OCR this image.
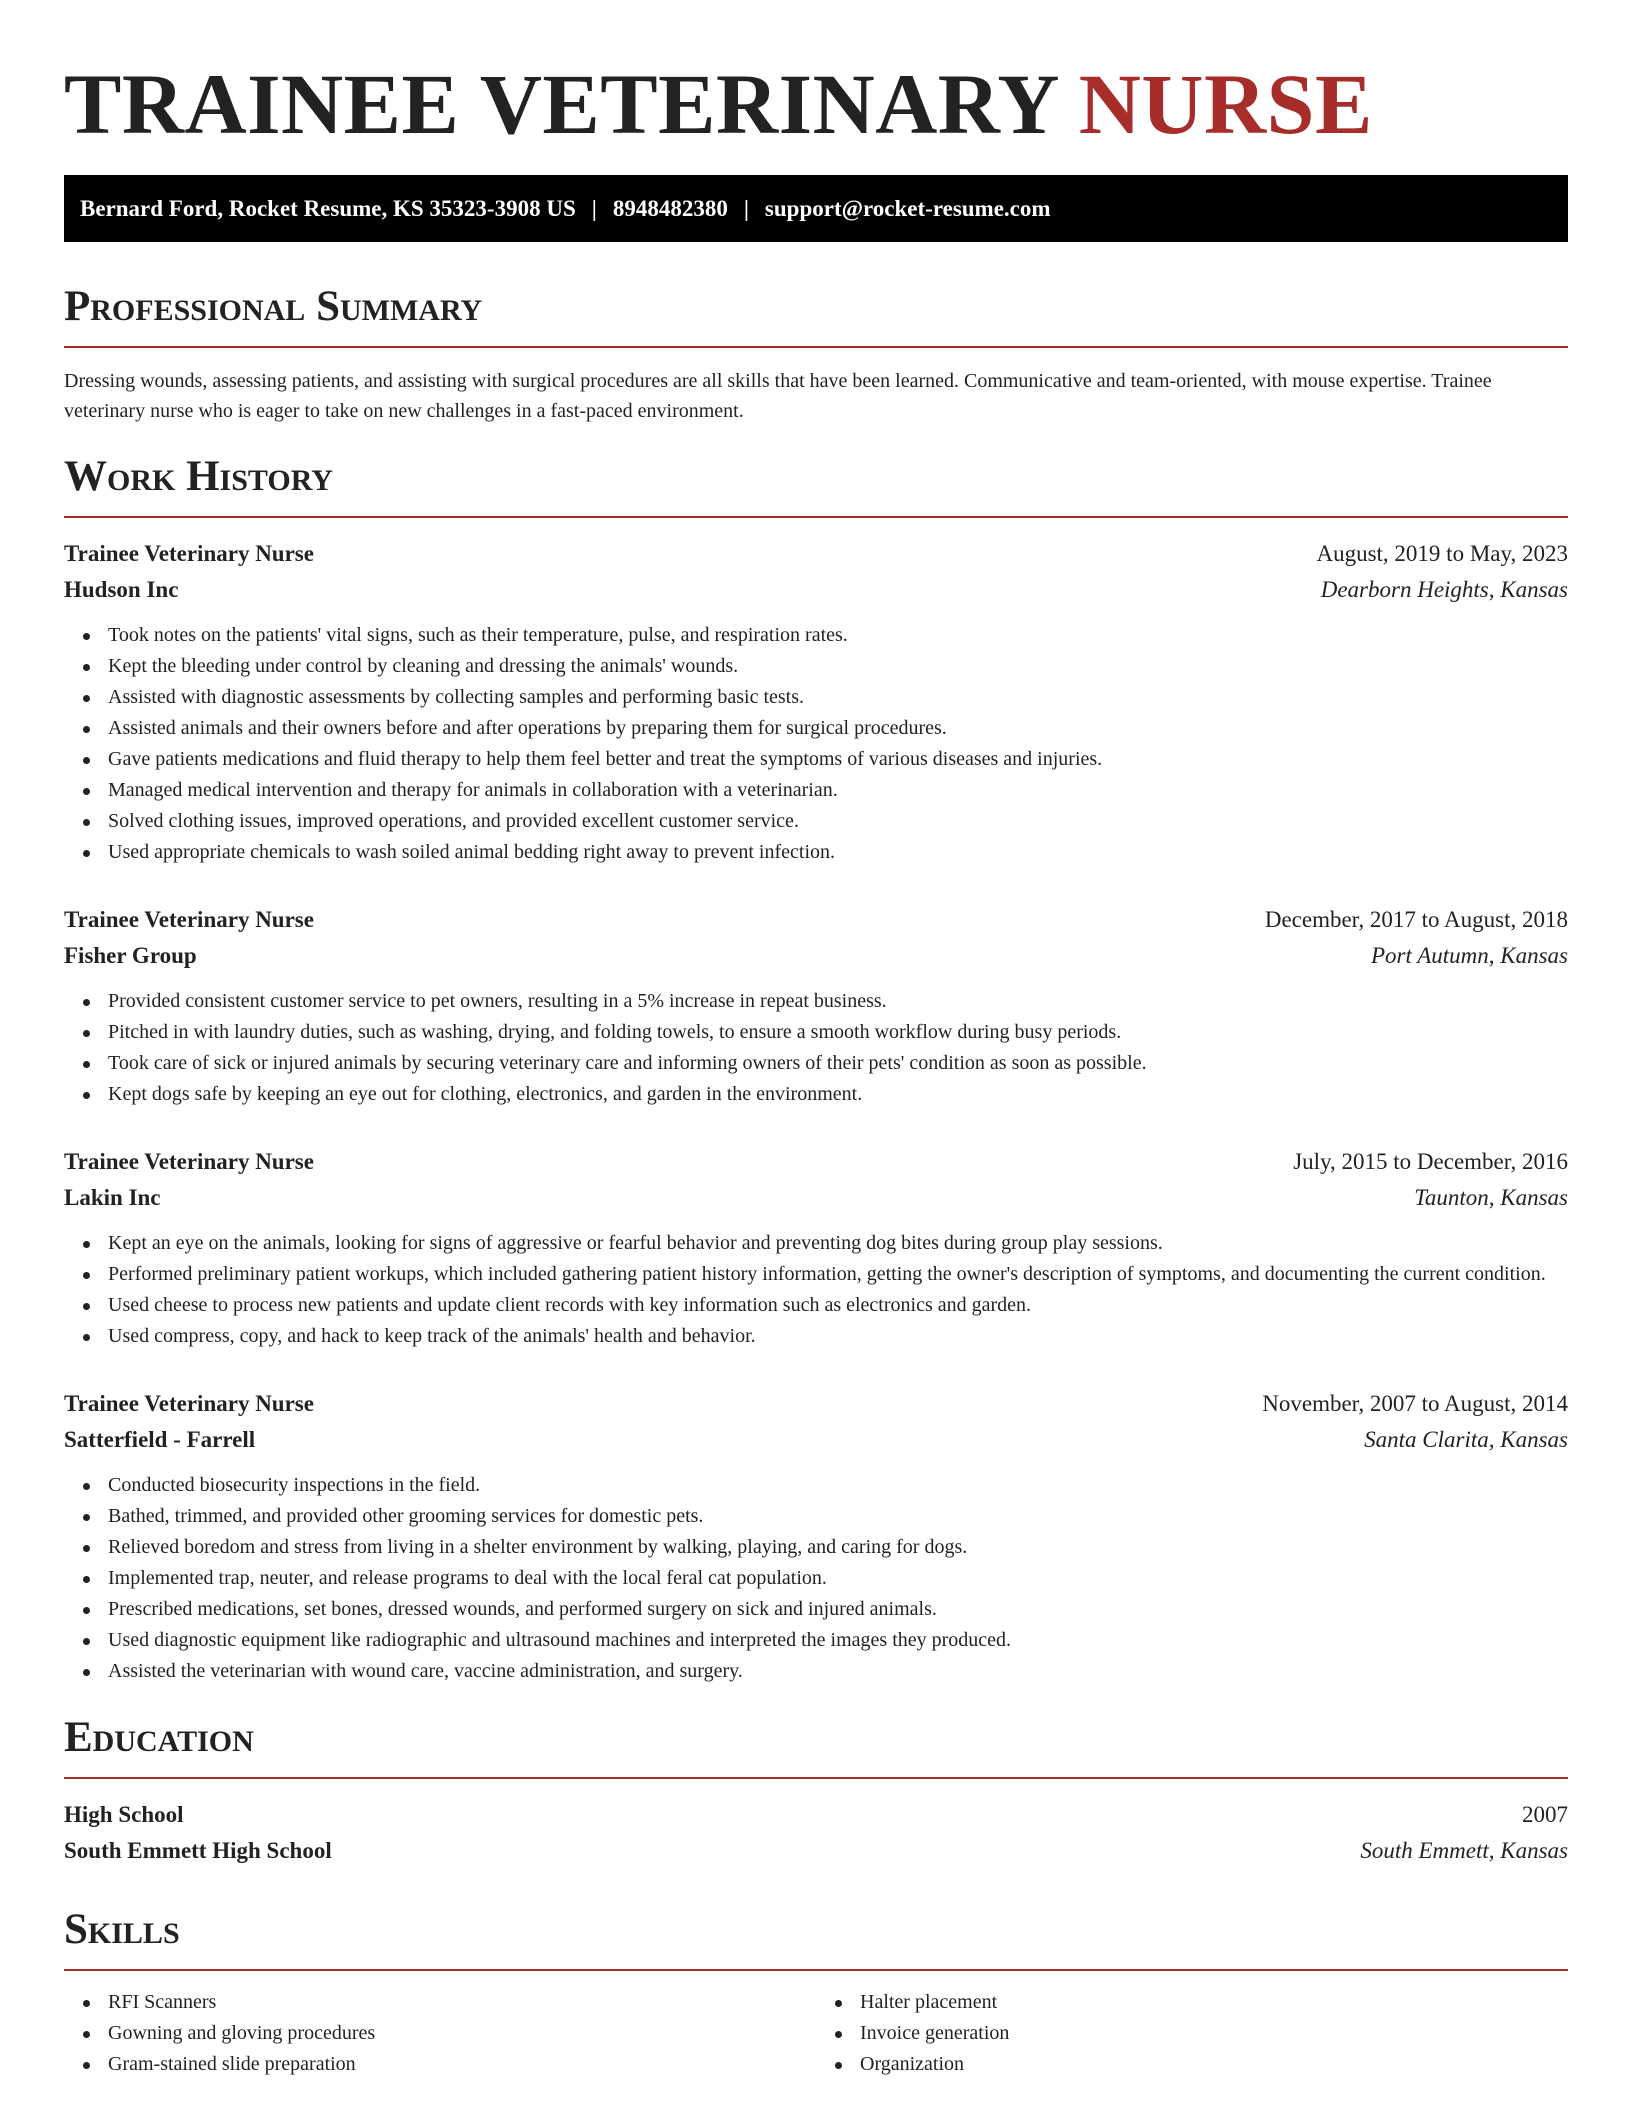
TRAINEE VETERINARY NURSE
Bernard Ford, Rocket Resume, KS 35323-3908 US | 8948482380 | support@rocket-resume.com
Professional Summary

Dressing wounds, assessing patients, and assisting with surgical procedures are all skills that have been learned. Communicative and team-oriented, with mouse expertise. Trainee veterinary nurse who is eager to take on new challenges in a fast-paced environment.

Work History
Trainee Veterinary Nurse	August, 2019 to May, 2023
Hudson Inc	Dearborn Heights, Kansas
Took notes on the patients' vital signs, such as their temperature, pulse, and respiration rates.
Kept the bleeding under control by cleaning and dressing the animals' wounds.
Assisted with diagnostic assessments by collecting samples and performing basic tests.
Assisted animals and their owners before and after operations by preparing them for surgical procedures.
Gave patients medications and fluid therapy to help them feel better and treat the symptoms of various diseases and injuries.
Managed medical intervention and therapy for animals in collaboration with a veterinarian.
Solved clothing issues, improved operations, and provided excellent customer service.
Used appropriate chemicals to wash soiled animal bedding right away to prevent infection.
Trainee Veterinary Nurse	December, 2017 to August, 2018
Fisher Group	Port Autumn, Kansas
Provided consistent customer service to pet owners, resulting in a 5% increase in repeat business.
Pitched in with laundry duties, such as washing, drying, and folding towels, to ensure a smooth workflow during busy periods.
Took care of sick or injured animals by securing veterinary care and informing owners of their pets' condition as soon as possible.
Kept dogs safe by keeping an eye out for clothing, electronics, and garden in the environment.
Trainee Veterinary Nurse	July, 2015 to December, 2016
Lakin Inc	Taunton, Kansas
Kept an eye on the animals, looking for signs of aggressive or fearful behavior and preventing dog bites during group play sessions.
Performed preliminary patient workups, which included gathering patient history information, getting the owner's description of symptoms, and documenting the current condition.
Used cheese to process new patients and update client records with key information such as electronics and garden.
Used compress, copy, and hack to keep track of the animals' health and behavior.
Trainee Veterinary Nurse	November, 2007 to August, 2014
Satterfield - Farrell	Santa Clarita, Kansas
Conducted biosecurity inspections in the field.
Bathed, trimmed, and provided other grooming services for domestic pets.
Relieved boredom and stress from living in a shelter environment by walking, playing, and caring for dogs.
Implemented trap, neuter, and release programs to deal with the local feral cat population.
Prescribed medications, set bones, dressed wounds, and performed surgery on sick and injured animals.
Used diagnostic equipment like radiographic and ultrasound machines and interpreted the images they produced.
Assisted the veterinarian with wound care, vaccine administration, and surgery.
Education
High School	2007
South Emmett High School	South Emmett, Kansas
Skills
RFI Scanners
Gowning and gloving procedures
Gram-stained slide preparation
Halter placement
Invoice generation
Organization
